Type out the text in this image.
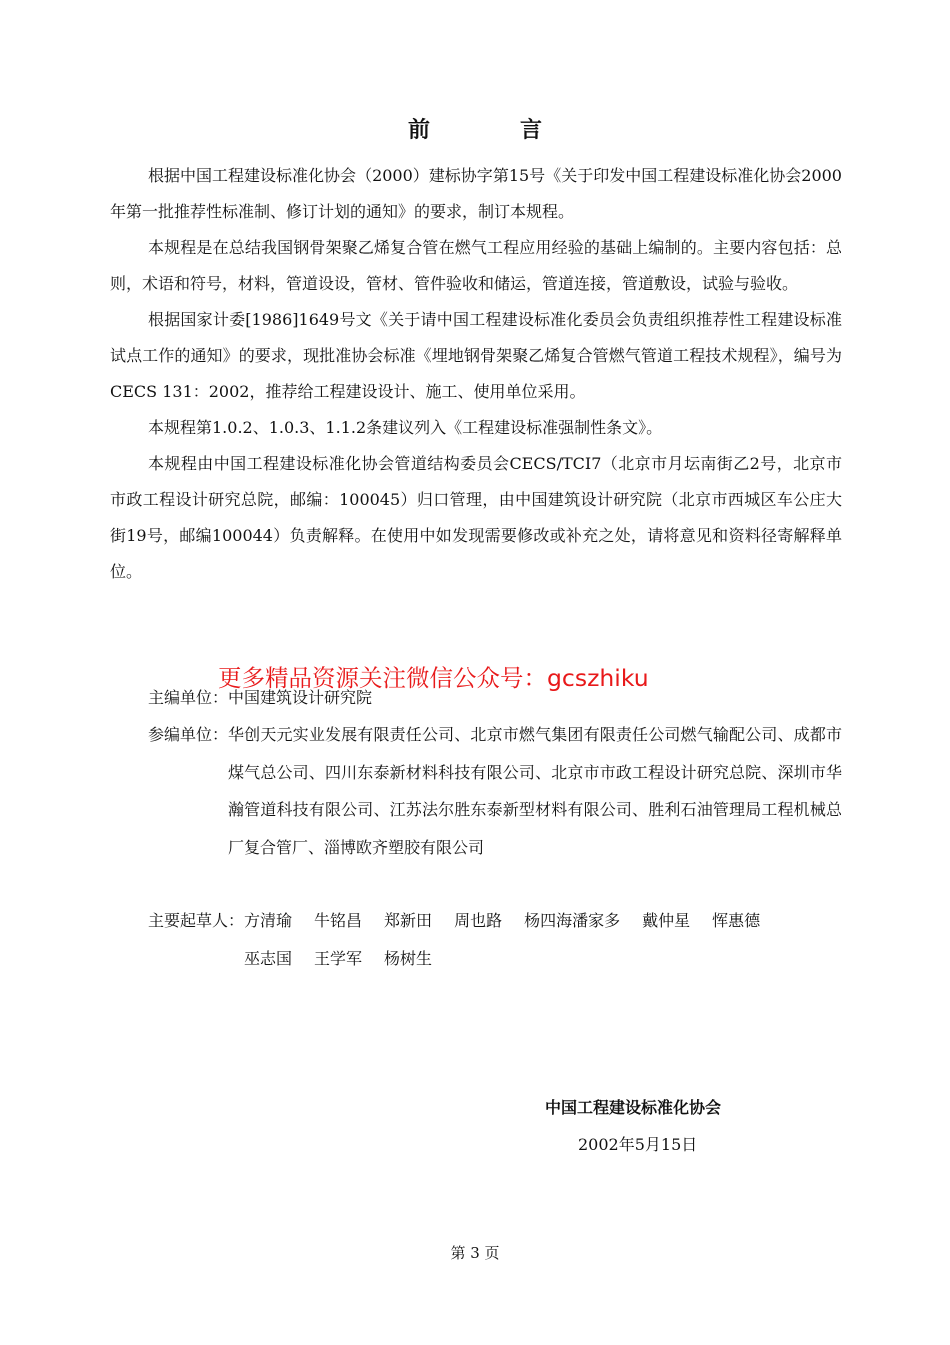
前　言

根据中国工程建设标准化协会（2000）建标协字第15号《关于印发中国工程建设标准化协会2000年第一批推荐性标准制、修订计划的通知》的要求，制订本规程。

本规程是在总结我国钢骨架聚乙烯复合管在燃气工程应用经验的基础上编制的。主要内容包括：总则，术语和符号，材料，管道设设，管材、管件验收和储运，管道连接，管道敷设，试验与验收。

根据国家计委[1986]1649号文《关于请中国工程建设标准化委员会负责组织推荐性工程建设标准试点工作的通知》的要求，现批准协会标准《埋地钢骨架聚乙烯复合管燃气管道工程技术规程》，编号为CECS 131：2002，推荐给工程建设设计、施工、使用单位采用。

本规程第1.0.2、1.0.3、1.1.2条建议列入《工程建设标准强制性条文》。

本规程由中国工程建设标准化协会管道结构委员会CECS/TCI7（北京市月坛南街乙2号，北京市市政工程设计研究总院，邮编：100045）归口管理，由中国建筑设计研究院（北京市西城区车公庄大街19号，邮编100044）负责解释。在使用中如发现需要修改或补充之处，请将意见和资料径寄解释单位。

更多精品资源关注微信公众号：gcszhiku
主编单位： 中国建筑设计研究院
参编单位： 华创天元实业发展有限责任公司、北京市燃气集团有限责任公司燃气输配公司、成都市煤气总公司、四川东泰新材料科技有限公司、北京市市政工程设计研究总院、深圳市华瀚管道科技有限公司、江苏法尔胜东泰新型材料有限公司、胜利石油管理局工程机械总厂复合管厂、淄博欧齐塑胶有限公司
主要起草人： 方清瑜 牛铭昌 郑新田 周也路 杨四海潘家多 戴仲星 恽惠德
巫志国 王学军 杨树生
中国工程建设标准化协会
2002年5月15日
第 3 页
